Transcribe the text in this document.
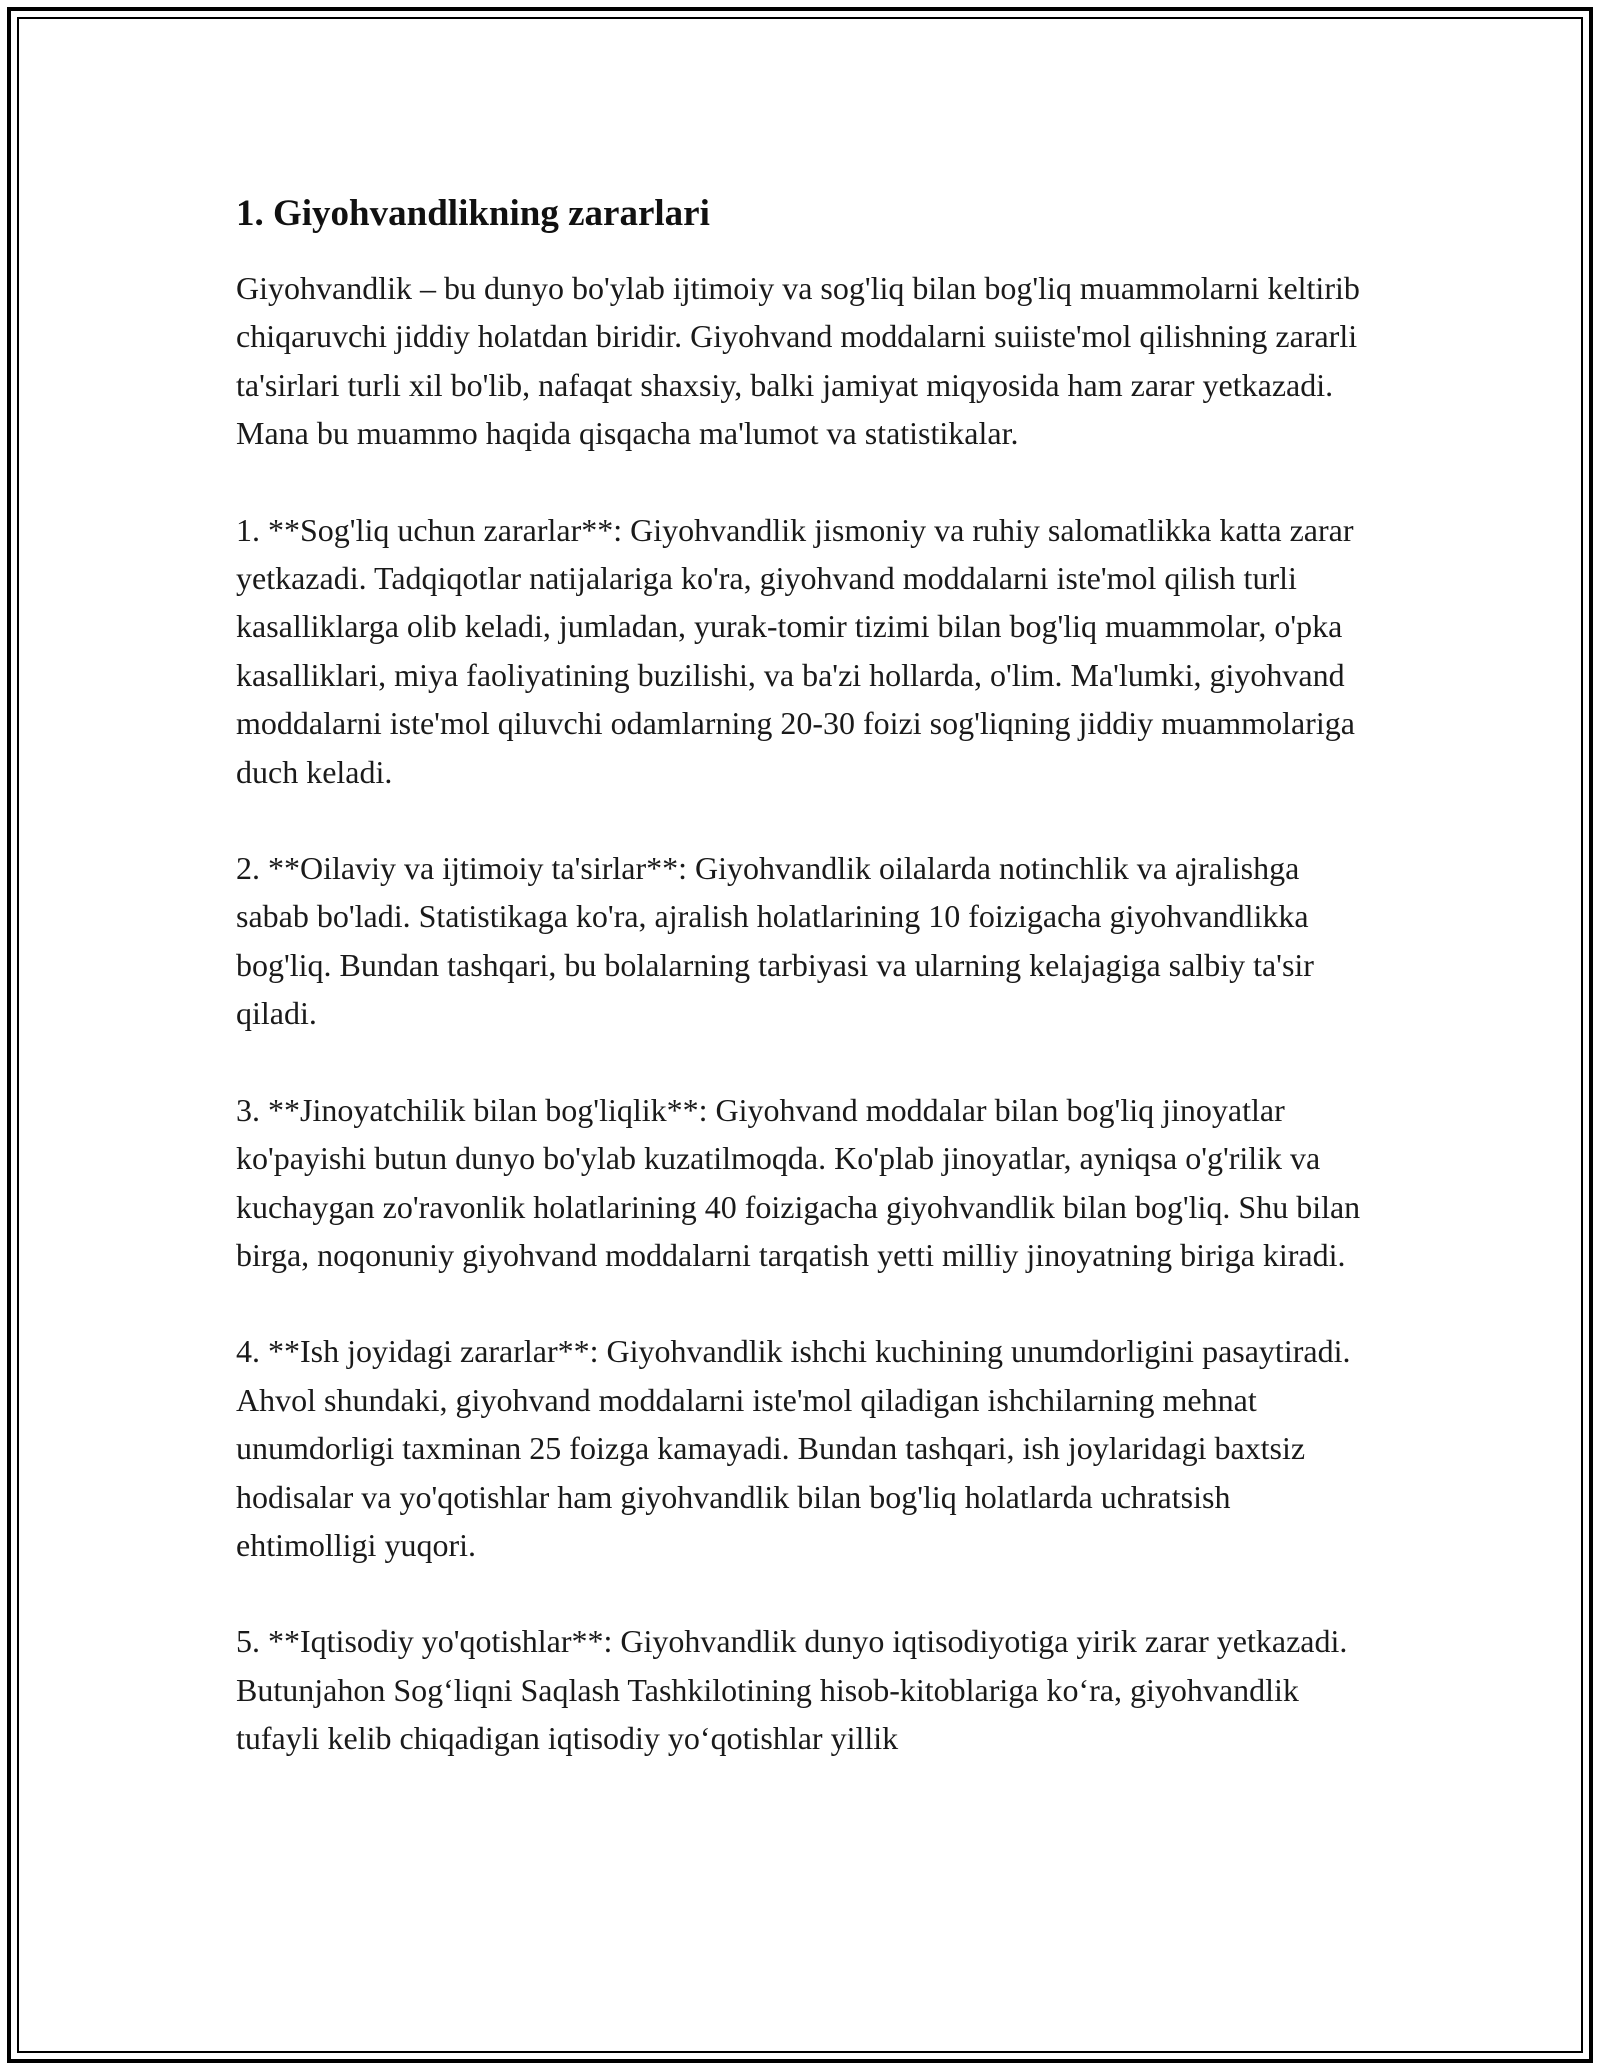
1. Giyohvandlikning zararlari

Giyohvandlik – bu dunyo bo'ylab ijtimoiy va sog'liq bilan bog'liq muammolarni keltirib chiqaruvchi jiddiy holatdan biridir. Giyohvand moddalarni suiiste'mol qilishning zararli ta'sirlari turli xil bo'lib, nafaqat shaxsiy, balki jamiyat miqyosida ham zarar yetkazadi. Mana bu muammo haqida qisqacha ma'lumot va statistikalar.

1. **Sog'liq uchun zararlar**: Giyohvandlik jismoniy va ruhiy salomatlikka katta zarar yetkazadi. Tadqiqotlar natijalariga ko'ra, giyohvand moddalarni iste'mol qilish turli kasalliklarga olib keladi, jumladan, yurak-tomir tizimi bilan bog'liq muammolar, o'pka kasalliklari, miya faoliyatining buzilishi, va ba'zi hollarda, o'lim. Ma'lumki, giyohvand moddalarni iste'mol qiluvchi odamlarning 20-30 foizi sog'liqning jiddiy muammolariga duch keladi.

2. **Oilaviy va ijtimoiy ta'sirlar**: Giyohvandlik oilalarda notinchlik va ajralishga sabab bo'ladi. Statistikaga ko'ra, ajralish holatlarining 10 foizigacha giyohvandlikka bog'liq. Bundan tashqari, bu bolalarning tarbiyasi va ularning kelajagiga salbiy ta'sir qiladi.

3. **Jinoyatchilik bilan bog'liqlik**: Giyohvand moddalar bilan bog'liq jinoyatlar ko'payishi butun dunyo bo'ylab kuzatilmoqda. Ko'plab jinoyatlar, ayniqsa o'g'rilik va kuchaygan zo'ravonlik holatlarining 40 foizigacha giyohvandlik bilan bog'liq. Shu bilan birga, noqonuniy giyohvand moddalarni tarqatish yetti milliy jinoyatning biriga kiradi.

4. **Ish joyidagi zararlar**: Giyohvandlik ishchi kuchining unumdorligini pasaytiradi. Ahvol shundaki, giyohvand moddalarni iste'mol qiladigan ishchilarning mehnat unumdorligi taxminan 25 foizga kamayadi. Bundan tashqari, ish joylaridagi baxtsiz hodisalar va yo'qotishlar ham giyohvandlik bilan bog'liq holatlarda uchratsish ehtimolligi yuqori.

5. **Iqtisodiy yo'qotishlar**: Giyohvandlik dunyo iqtisodiyotiga yirik zarar yetkazadi. Butunjahon Sogʻliqni Saqlash Tashkilotining hisob-kitoblariga koʻra, giyohvandlik tufayli kelib chiqadigan iqtisodiy yoʻqotishlar yillik
